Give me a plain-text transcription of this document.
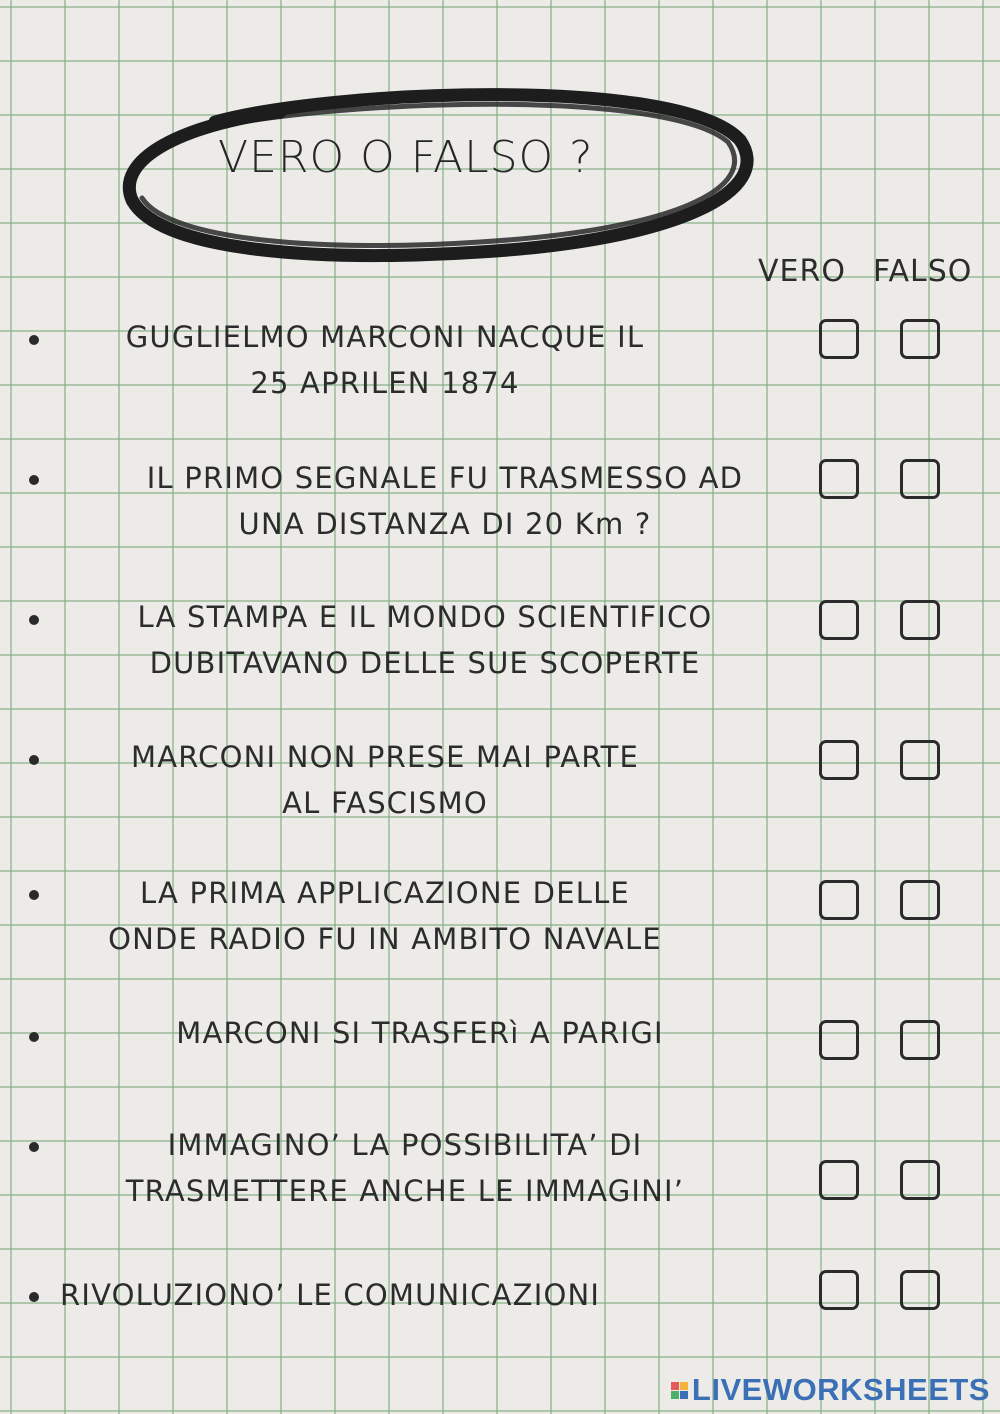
VERO O FALSO ?
VERO FALSO
GUGLIELMO MARCONI NACQUE IL
25 APRILEN 1874
IL PRIMO SEGNALE FU TRASMESSO AD
UNA DISTANZA DI 20 Km ?
LA STAMPA E IL MONDO SCIENTIFICO
DUBITAVANO DELLE SUE SCOPERTE
MARCONI NON PRESE MAI PARTE
AL FASCISMO
LA PRIMA APPLICAZIONE DELLE
ONDE RADIO FU IN AMBITO NAVALE
MARCONI SI TRASFERì A PARIGI
IMMAGINO’ LA POSSIBILITA’ DI
TRASMETTERE ANCHE LE IMMAGINI’
RIVOLUZIONO’ LE COMUNICAZIONI
LIVEWORKSHEETS
